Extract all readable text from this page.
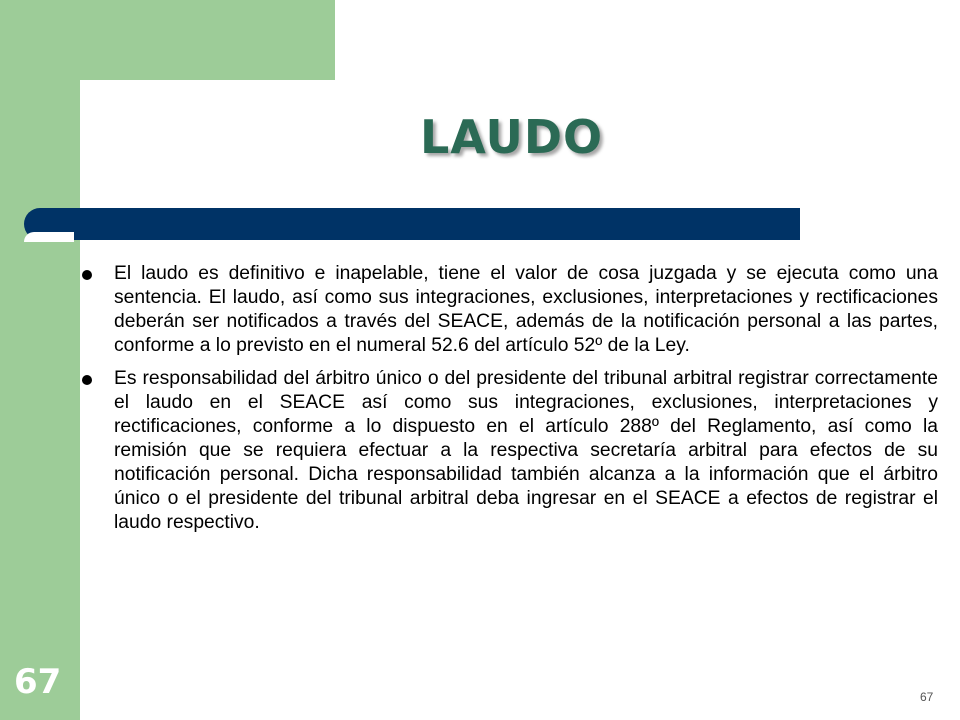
LAUDO
El laudo es definitivo e inapelable, tiene el valor de cosa juzgada y se ejecuta como una sentencia. El laudo, así como sus integraciones, exclusiones, interpretaciones y rectificaciones deberán ser notificados a través del SEACE, además de la notificación personal a las partes, conforme a lo previsto en el numeral 52.6 del artículo 52º de la Ley.
Es responsabilidad del árbitro único o del presidente del tribunal arbitral registrar correctamente el laudo en el SEACE así como sus integraciones, exclusiones, interpretaciones y rectificaciones, conforme a lo dispuesto en el artículo 288º del Reglamento, así como la remisión que se requiera efectuar a la respectiva secretaría arbitral para efectos de su notificación personal. Dicha responsabilidad también alcanza a la información que el árbitro único o el presidente del tribunal arbitral deba ingresar en el SEACE a efectos de registrar el laudo respectivo.
67	67
